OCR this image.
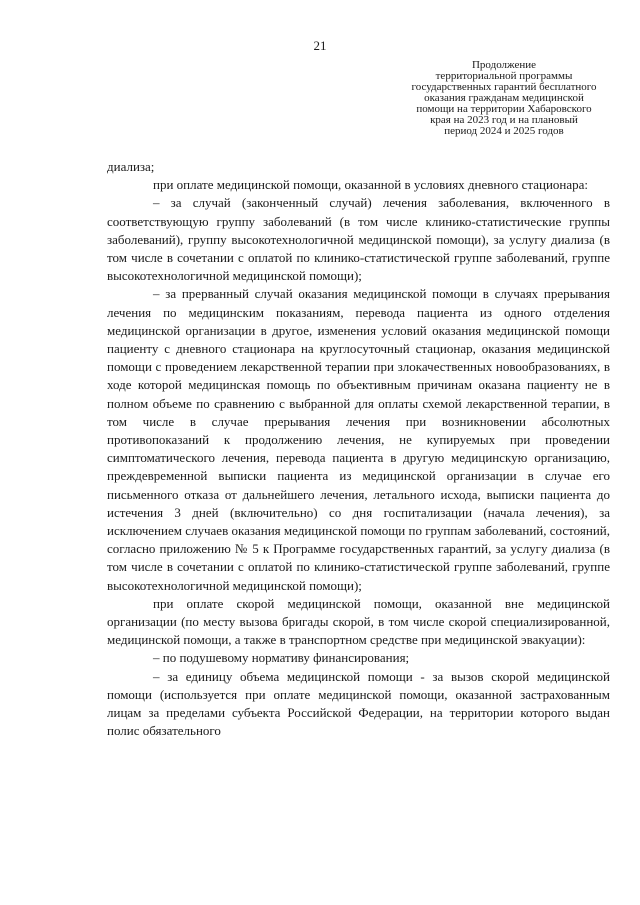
21
Продолжение
территориальной программы
государственных гарантий бесплатного
оказания гражданам медицинской
помощи на территории Хабаровского
края на 2023 год и на плановый
период 2024 и 2025 годов

диализа;

при оплате медицинской помощи, оказанной в условиях дневного стационара:

– за случай (законченный случай) лечения заболевания, включенного в соответствующую группу заболеваний (в том числе клинико-статистические группы заболеваний), группу высокотехнологичной медицинской помощи), за услугу диализа (в том числе в сочетании с оплатой по клинико-статистической группе заболеваний, группе высокотехнологичной медицинской помощи);

– за прерванный случай оказания медицинской помощи в случаях прерывания лечения по медицинским показаниям, перевода пациента из одного отделения медицинской организации в другое, изменения условий оказания медицинской помощи пациенту с дневного стационара на круглосуточный стационар, оказания медицинской помощи с проведением лекарственной терапии при злокачественных новообразованиях, в ходе которой медицинская помощь по объективным причинам оказана пациенту не в полном объеме по сравнению с выбранной для оплаты схемой лекарственной терапии, в том числе в случае прерывания лечения при возникновении абсолютных противопоказаний к продолжению лечения, не купируемых при проведении симптоматического лечения, перевода пациента в другую медицинскую организацию, преждевременной выписки пациента из медицинской организации в случае его письменного отказа от дальнейшего лечения, летального исхода, выписки пациента до истечения 3 дней (включительно) со дня госпитализации (начала лечения), за исключением случаев оказания медицинской помощи по группам заболеваний, состояний, согласно приложению № 5 к Программе государственных гарантий, за услугу диализа (в том числе в сочетании с оплатой по клинико-статистической группе заболеваний, группе высокотехнологичной медицинской помощи);

при оплате скорой медицинской помощи, оказанной вне медицинской организации (по месту вызова бригады скорой, в том числе скорой специализированной, медицинской помощи, а также в транспортном средстве при медицинской эвакуации):

– по подушевому нормативу финансирования;

– за единицу объема медицинской помощи - за вызов скорой медицинской помощи (используется при оплате медицинской помощи, оказанной застрахованным лицам за пределами субъекта Российской Федерации, на территории которого выдан полис обязательного
